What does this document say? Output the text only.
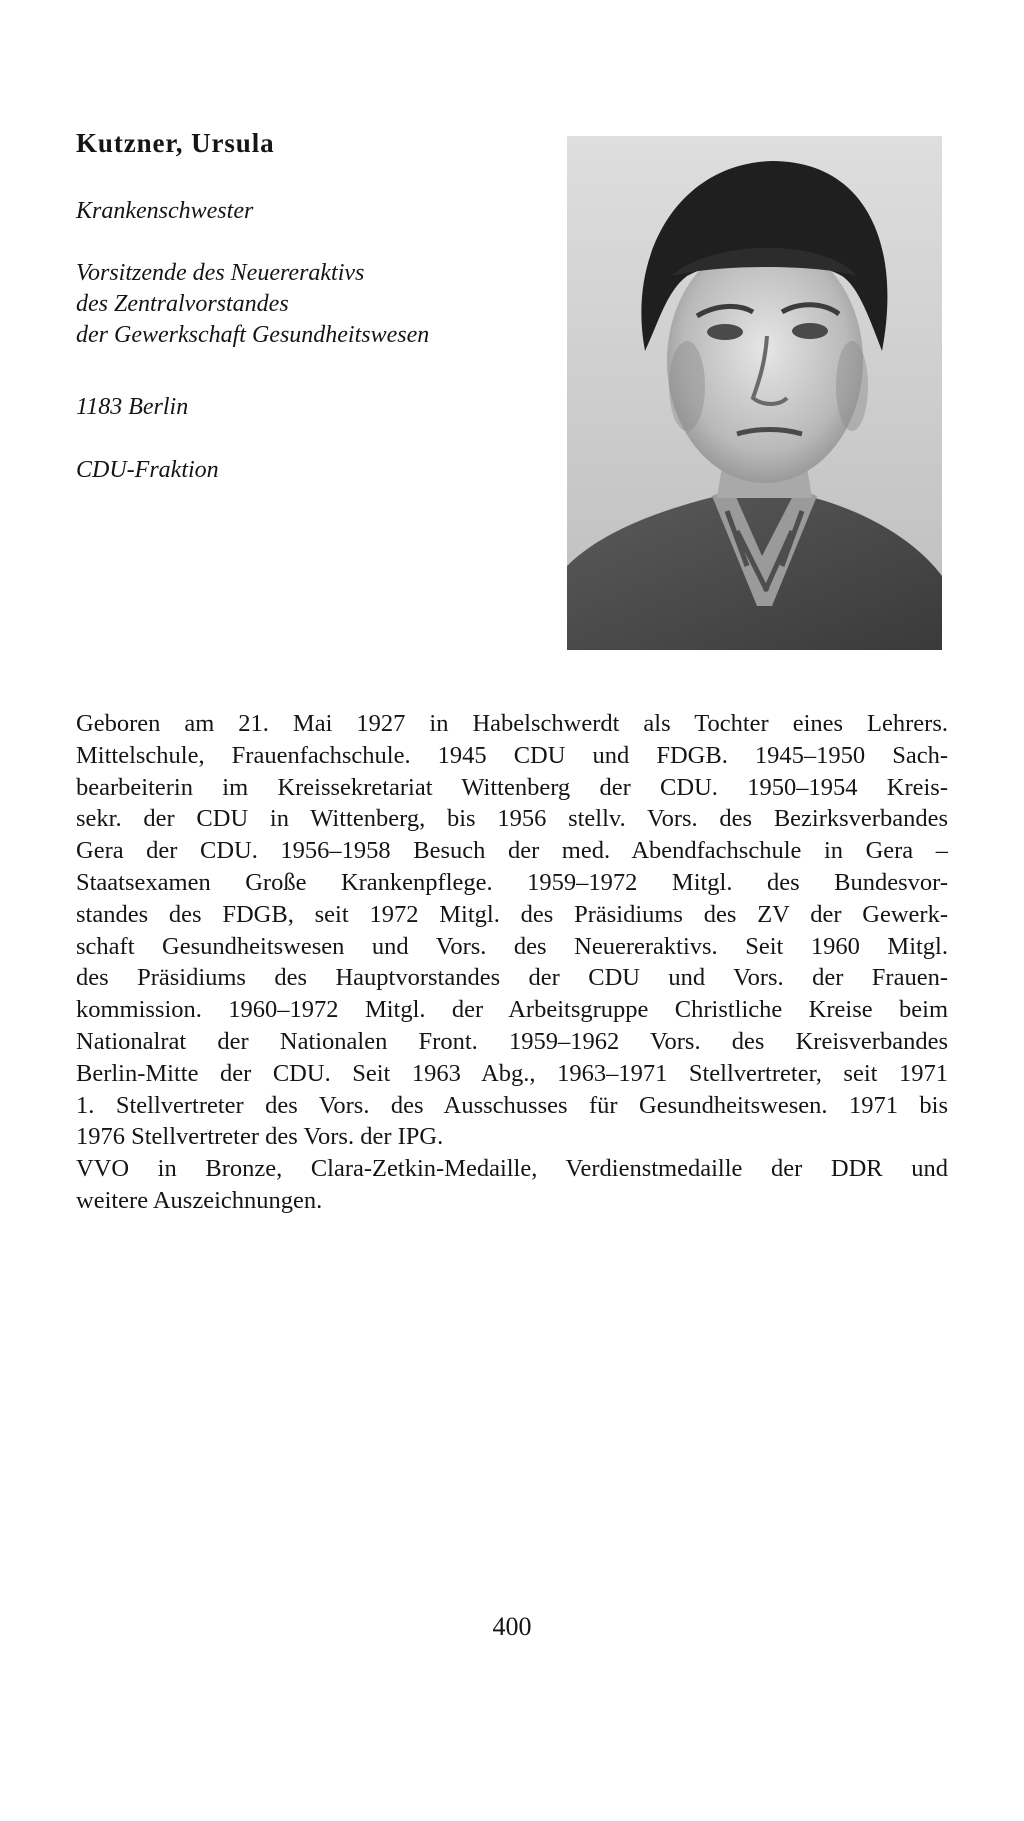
Kutzner, Ursula
Krankenschwester
Vorsitzende des Neuereraktivs
des Zentralvorstandes
der Gewerkschaft Gesundheitswesen
1183 Berlin
CDU-Fraktion
Geboren am 21. Mai 1927 in Habelschwerdt als Tochter eines Lehrers.
Mittelschule, Frauenfachschule. 1945 CDU und FDGB. 1945–1950 Sach-
bearbeiterin im Kreissekretariat Wittenberg der CDU. 1950–1954 Kreis-
sekr. der CDU in Wittenberg, bis 1956 stellv. Vors. des Bezirksverbandes
Gera der CDU. 1956–1958 Besuch der med. Abendfachschule in Gera –
Staatsexamen Große Krankenpflege. 1959–1972 Mitgl. des Bundesvor-
standes des FDGB, seit 1972 Mitgl. des Präsidiums des ZV der Gewerk-
schaft Gesundheitswesen und Vors. des Neuereraktivs. Seit 1960 Mitgl.
des Präsidiums des Hauptvorstandes der CDU und Vors. der Frauen-
kommission. 1960–1972 Mitgl. der Arbeitsgruppe Christliche Kreise beim
Nationalrat der Nationalen Front. 1959–1962 Vors. des Kreisverbandes
Berlin-Mitte der CDU. Seit 1963 Abg., 1963–1971 Stellvertreter, seit 1971
1. Stellvertreter des Vors. des Ausschusses für Gesundheitswesen. 1971 bis
1976 Stellvertreter des Vors. der IPG.
VVO in Bronze, Clara-Zetkin-Medaille, Verdienstmedaille der DDR und
weitere Auszeichnungen.
400
